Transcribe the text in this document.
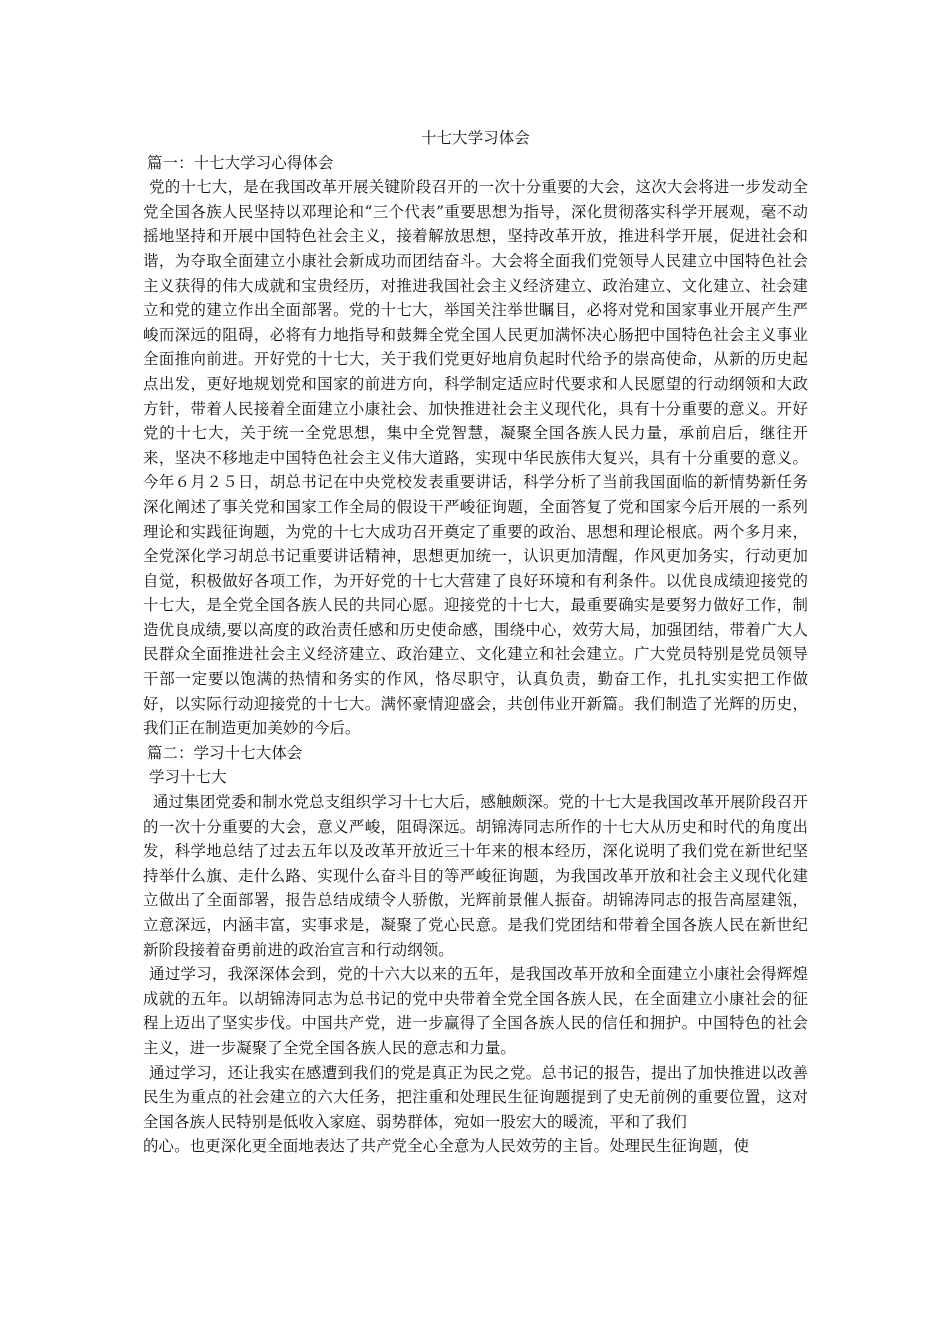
十七大学习体会

篇一：十七大学习心得体会

党的十七大，是在我国改革开展关键阶段召开的一次十分重要的大会，这次大会将进一步发动全党全国各族人民坚持以邓理论和“三个代表”重要思想为指导，深化贯彻落实科学开展观，毫不动摇地坚持和开展中国特色社会主义，接着解放思想，坚持改革开放，推进科学开展，促进社会和谐，为夺取全面建立小康社会新成功而团结奋斗。大会将全面我们党领导人民建立中国特色社会主义获得的伟大成就和宝贵经历，对推进我国社会主义经济建立、政治建立、文化建立、社会建立和党的建立作出全面部署。党的十七大，举国关注举世瞩目，必将对党和国家事业开展产生严峻而深远的阻碍，必将有力地指导和鼓舞全党全国人民更加满怀决心肠把中国特色社会主义事业全面推向前进。开好党的十七大，关于我们党更好地肩负起时代给予的崇高使命，从新的历史起点出发，更好地规划党和国家的前进方向，科学制定适应时代要求和人民愿望的行动纲领和大政方针，带着人民接着全面建立小康社会、加快推进社会主义现代化，具有十分重要的意义。开好党的十七大，关于统一全党思想，集中全党智慧，凝聚全国各族人民力量，承前启后，继往开来，坚决不移地走中国特色社会主义伟大道路，实现中华民族伟大复兴，具有十分重要的意义。今年６月２５日，胡总书记在中央党校发表重要讲话，科学分析了当前我国面临的新情势新任务深化阐述了事关党和国家工作全局的假设干严峻征询题，全面答复了党和国家今后开展的一系列理论和实践征询题，为党的十七大成功召开奠定了重要的政治、思想和理论根底。两个多月来，全党深化学习胡总书记重要讲话精神，思想更加统一，认识更加清醒，作风更加务实，行动更加自觉，积极做好各项工作，为开好党的十七大营建了良好环境和有利条件。以优良成绩迎接党的十七大，是全党全国各族人民的共同心愿。迎接党的十七大，最重要确实是要努力做好工作，制造优良成绩,要以高度的政治责任感和历史使命感，围绕中心，效劳大局，加强团结，带着广大人民群众全面推进社会主义经济建立、政治建立、文化建立和社会建立。广大党员特别是党员领导干部一定要以饱满的热情和务实的作风，恪尽职守，认真负责，勤奋工作，扎扎实实把工作做好，以实际行动迎接党的十七大。满怀豪情迎盛会，共创伟业开新篇。我们制造了光辉的历史，我们正在制造更加美妙的今后。

篇二：学习十七大体会

学习十七大

通过集团党委和制水党总支组织学习十七大后，感触颇深。党的十七大是我国改革开展阶段召开的一次十分重要的大会，意义严峻，阻碍深远。胡锦涛同志所作的十七大从历史和时代的角度出发，科学地总结了过去五年以及改革开放近三十年来的根本经历，深化说明了我们党在新世纪坚持举什么旗、走什么路、实现什么奋斗目的等严峻征询题，为我国改革开放和社会主义现代化建立做出了全面部署，报告总结成绩令人骄傲，光辉前景催人振奋。胡锦涛同志的报告高屋建瓴，立意深远，内涵丰富，实事求是，凝聚了党心民意。是我们党团结和带着全国各族人民在新世纪新阶段接着奋勇前进的政治宣言和行动纲领。

通过学习，我深深体会到，党的十六大以来的五年，是我国改革开放和全面建立小康社会得辉煌成就的五年。以胡锦涛同志为总书记的党中央带着全党全国各族人民，在全面建立小康社会的征程上迈出了坚实步伐。中国共产党，进一步赢得了全国各族人民的信任和拥护。中国特色的社会主义，进一步凝聚了全党全国各族人民的意志和力量。

通过学习，还让我实在感遭到我们的党是真正为民之党。总书记的报告，提出了加快推进以改善民生为重点的社会建立的六大任务，把注重和处理民生征询题提到了史无前例的重要位置，这对全国各族人民特别是低收入家庭、弱势群体，宛如一股宏大的暖流，平和了我们

的心。也更深化更全面地表达了共产党全心全意为人民效劳的主旨。处理民生征询题，使
